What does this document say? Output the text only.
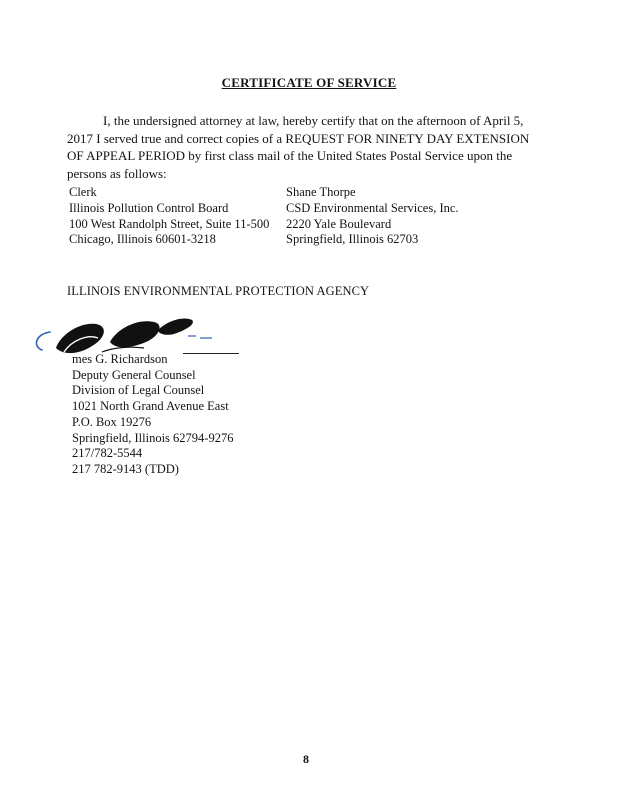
CERTIFICATE OF SERVICE

I, the undersigned attorney at law, hereby certify that on the afternoon of April 5, 2017 I served true and correct copies of a REQUEST FOR NINETY DAY EXTENSION OF APPEAL PERIOD by first class mail of the United States Postal Service upon the persons as follows:

Clerk
Illinois Pollution Control Board
100 West Randolph Street, Suite 11-500
Chicago, Illinois 60601-3218
Shane Thorpe
CSD Environmental Services, Inc.
2220 Yale Boulevard
Springfield, Illinois 62703
ILLINOIS ENVIRONMENTAL PROTECTION AGENCY
mes G. Richardson
Deputy General Counsel
Division of Legal Counsel
1021 North Grand Avenue East
P.O. Box 19276
Springfield, Illinois 62794-9276
217/782-5544
217 782-9143 (TDD)
8
